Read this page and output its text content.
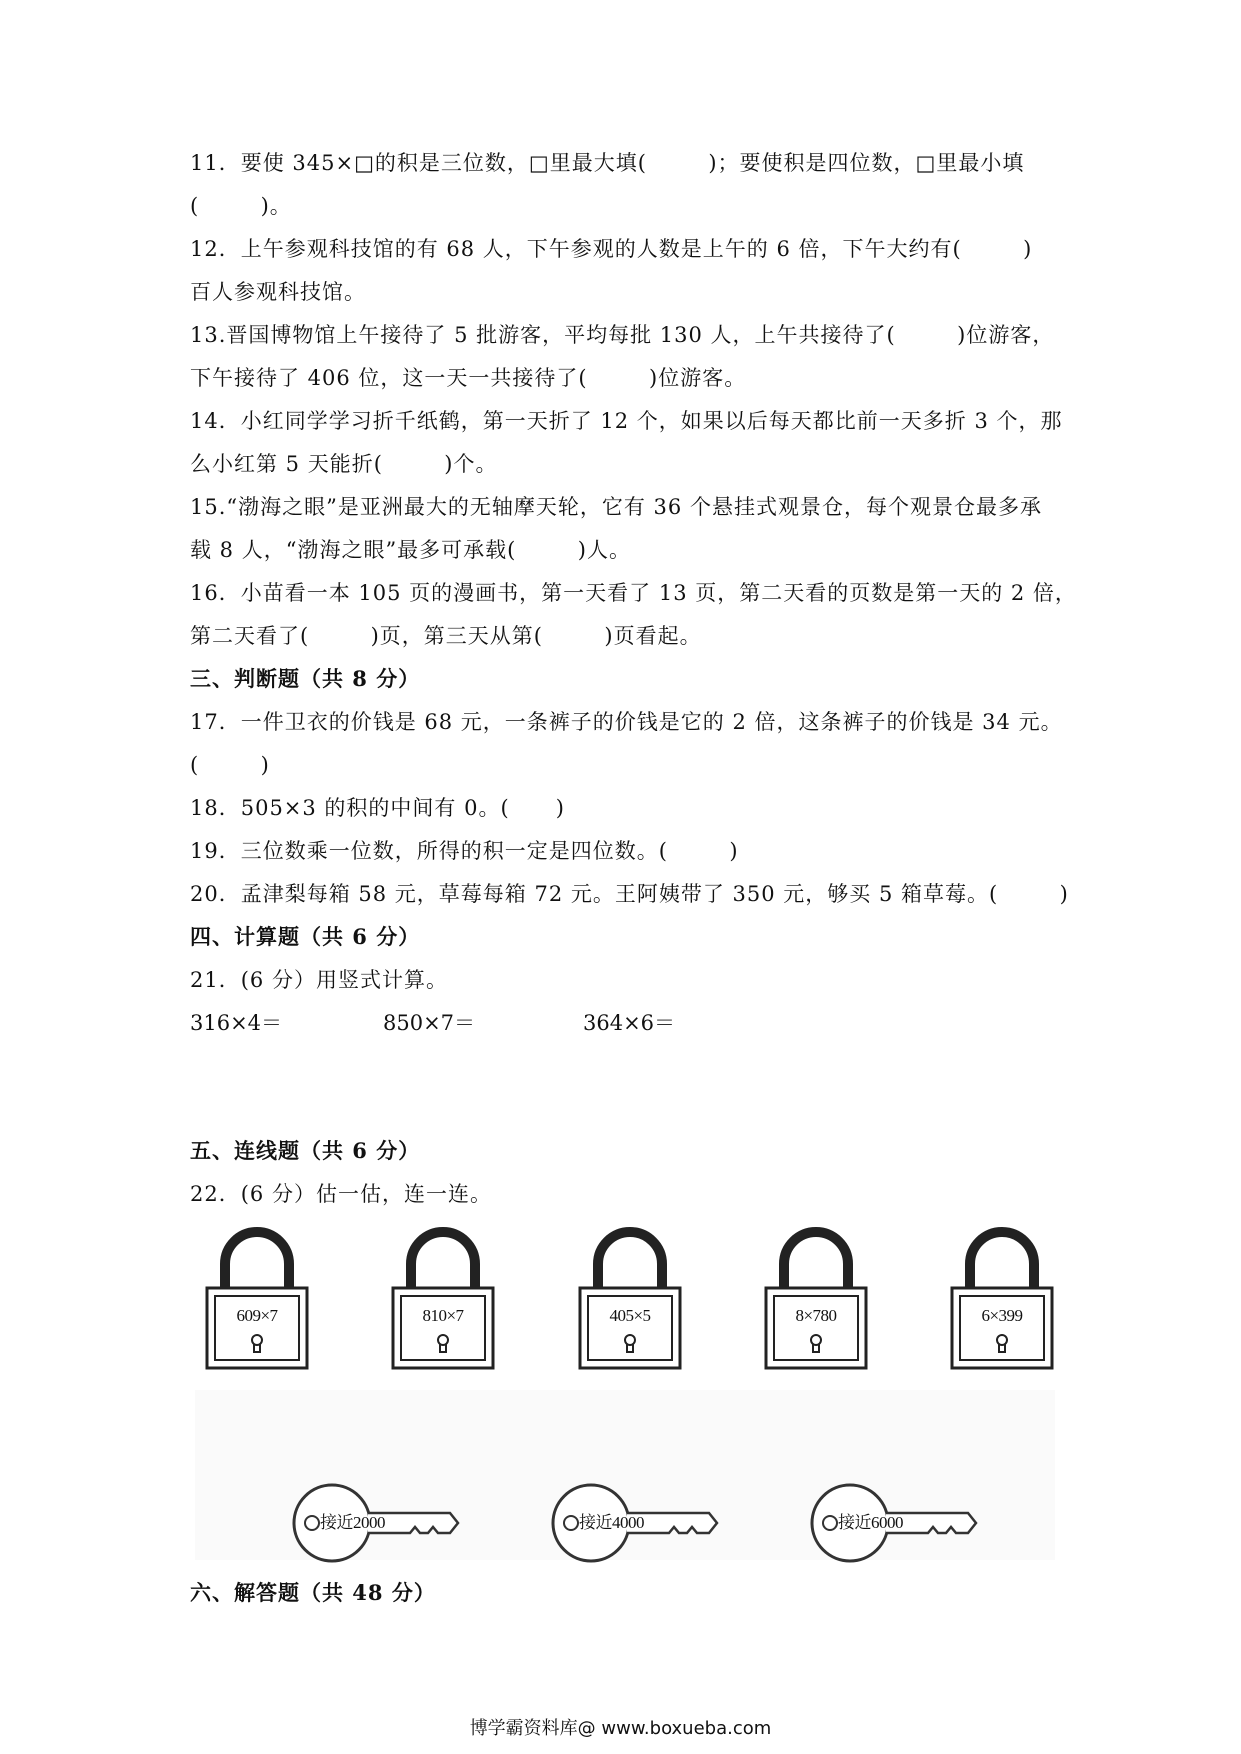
11．要使 345×□的积是三位数，□里最大填(        )；要使积是四位数，□里最小填
(        )。
12．上午参观科技馆的有 68 人，下午参观的人数是上午的 6 倍，下午大约有(        )
百人参观科技馆。
13.晋国博物馆上午接待了 5 批游客，平均每批 130 人，上午共接待了(        )位游客，
下午接待了 406 位，这一天一共接待了(        )位游客。
14．小红同学学习折千纸鹤，第一天折了 12 个，如果以后每天都比前一天多折 3 个，那
么小红第 5 天能折(        )个。
15.“渤海之眼”是亚洲最大的无轴摩天轮，它有 36 个悬挂式观景仓，每个观景仓最多承
载 8 人，“渤海之眼”最多可承载(        )人。
16．小苗看一本 105 页的漫画书，第一天看了 13 页，第二天看的页数是第一天的 2 倍，
第二天看了(        )页，第三天从第(        )页看起。
三、判断题（共 8 分）
17．一件卫衣的价钱是 68 元，一条裤子的价钱是它的 2 倍，这条裤子的价钱是 34 元。
(        )
18．505×3 的积的中间有 0。(      )
19．三位数乘一位数，所得的积一定是四位数。(        )
20．孟津梨每箱 58 元，草莓每箱 72 元。王阿姨带了 350 元，够买 5 箱草莓。(        )
四、计算题（共 6 分）
21．(6 分）用竖式计算。
316×4＝	850×7＝	364×6＝
五、连线题（共 6 分）
22．(6 分）估一估，连一连。
609×7	810×7	405×5	8×780	6×399
接近2000	接近4000	接近6000
六、解答题（共 48 分）
博学霸资料库@ www.boxueba.com
